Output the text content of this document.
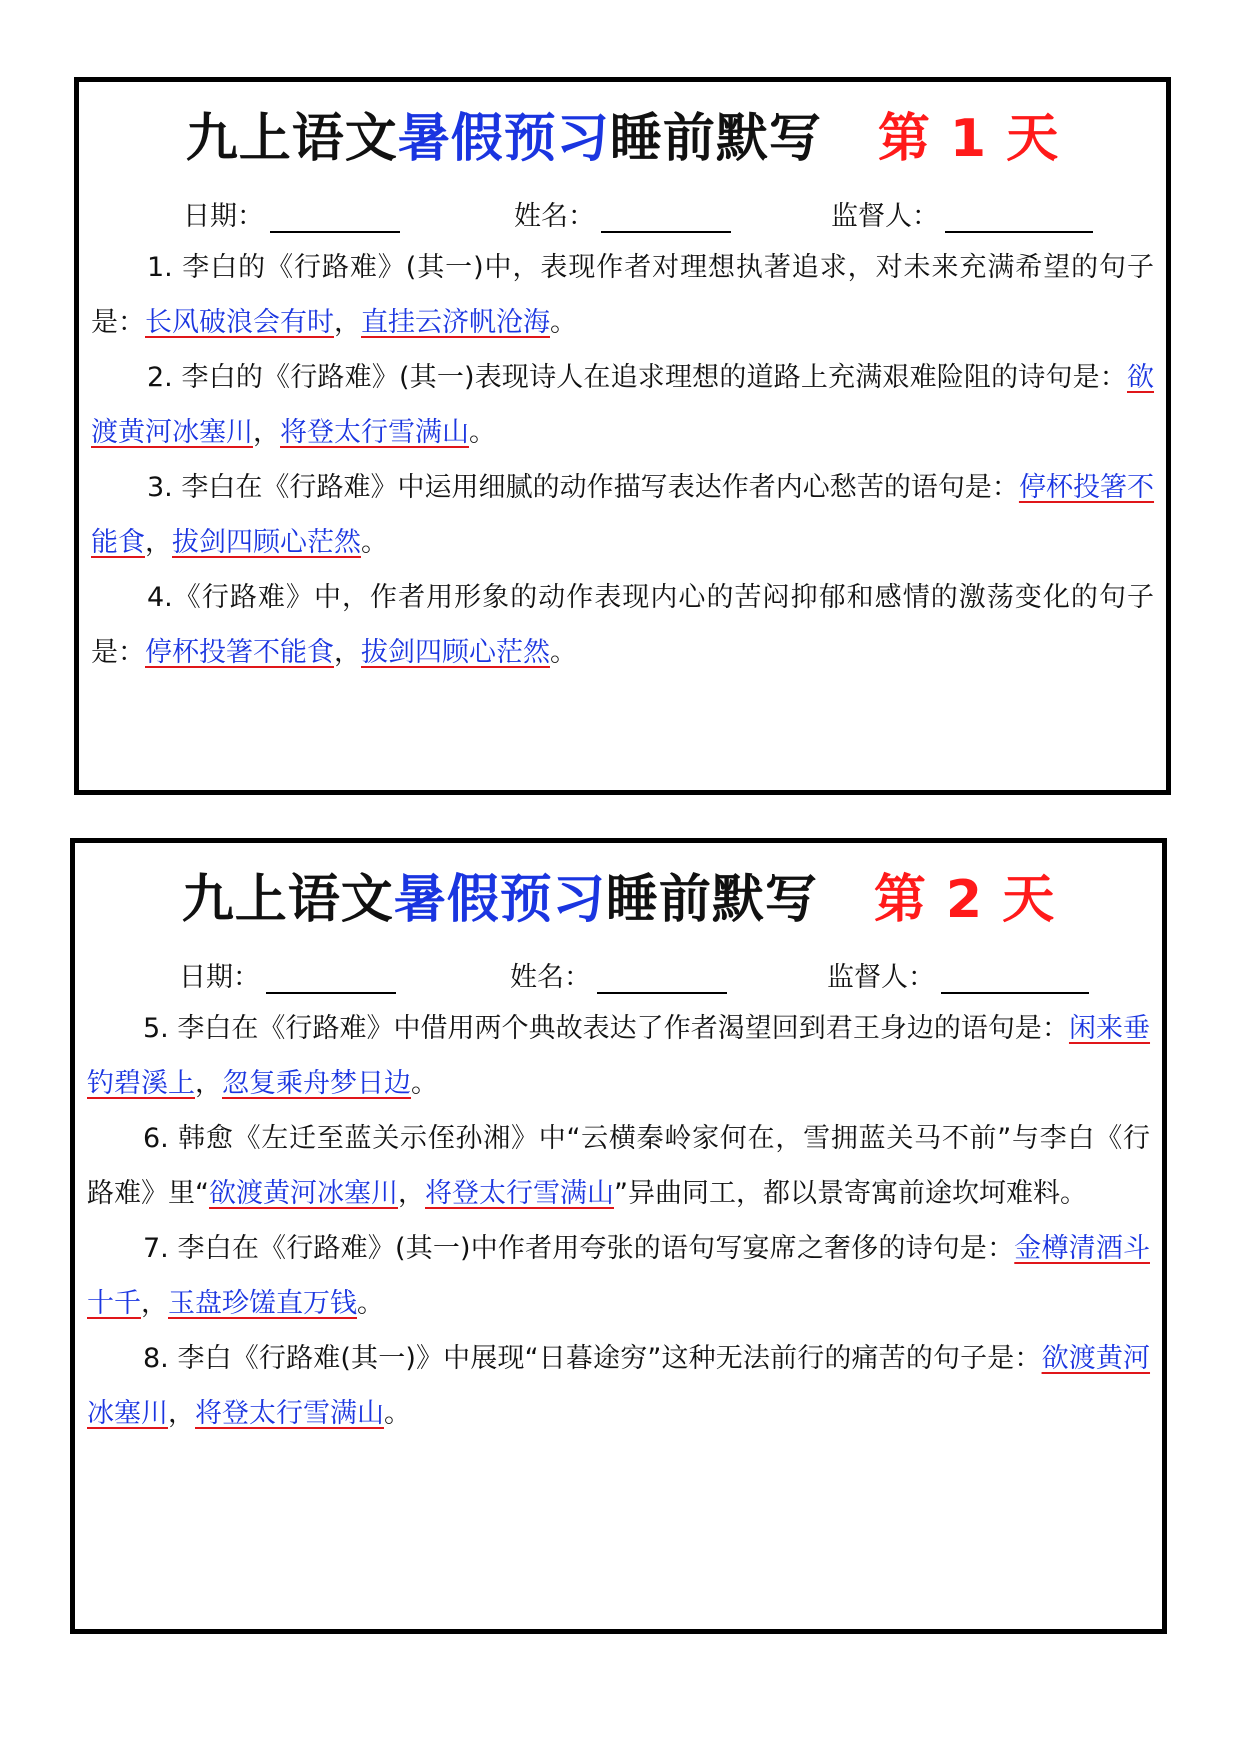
九上语文暑假预习睡前默写 第 1 天
日期：	姓名：	监督人：

1. 李白的《行路难》(其一)中，表现作者对理想执著追求，对未来充满希望的句子是：长风破浪会有时，直挂云济帆沧海。

2. 李白的《行路难》(其一)表现诗人在追求理想的道路上充满艰难险阻的诗句是：欲渡黄河冰塞川，将登太行雪满山。

3. 李白在《行路难》中运用细腻的动作描写表达作者内心愁苦的语句是：停杯投箸不能食，拔剑四顾心茫然。

4.《行路难》中，作者用形象的动作表现内心的苦闷抑郁和感情的激荡变化的句子是：停杯投箸不能食，拔剑四顾心茫然。

九上语文暑假预习睡前默写 第 2 天
日期：	姓名：	监督人：

5. 李白在《行路难》中借用两个典故表达了作者渴望回到君王身边的语句是：闲来垂钓碧溪上，忽复乘舟梦日边。

6. 韩愈《左迁至蓝关示侄孙湘》中“云横秦岭家何在，雪拥蓝关马不前”与李白《行路难》里“欲渡黄河冰塞川，将登太行雪满山”异曲同工，都以景寄寓前途坎坷难料。

7. 李白在《行路难》(其一)中作者用夸张的语句写宴席之奢侈的诗句是：金樽清酒斗十千，玉盘珍馐直万钱。

8. 李白《行路难(其一)》中展现“日暮途穷”这种无法前行的痛苦的句子是：欲渡黄河冰塞川，将登太行雪满山。
